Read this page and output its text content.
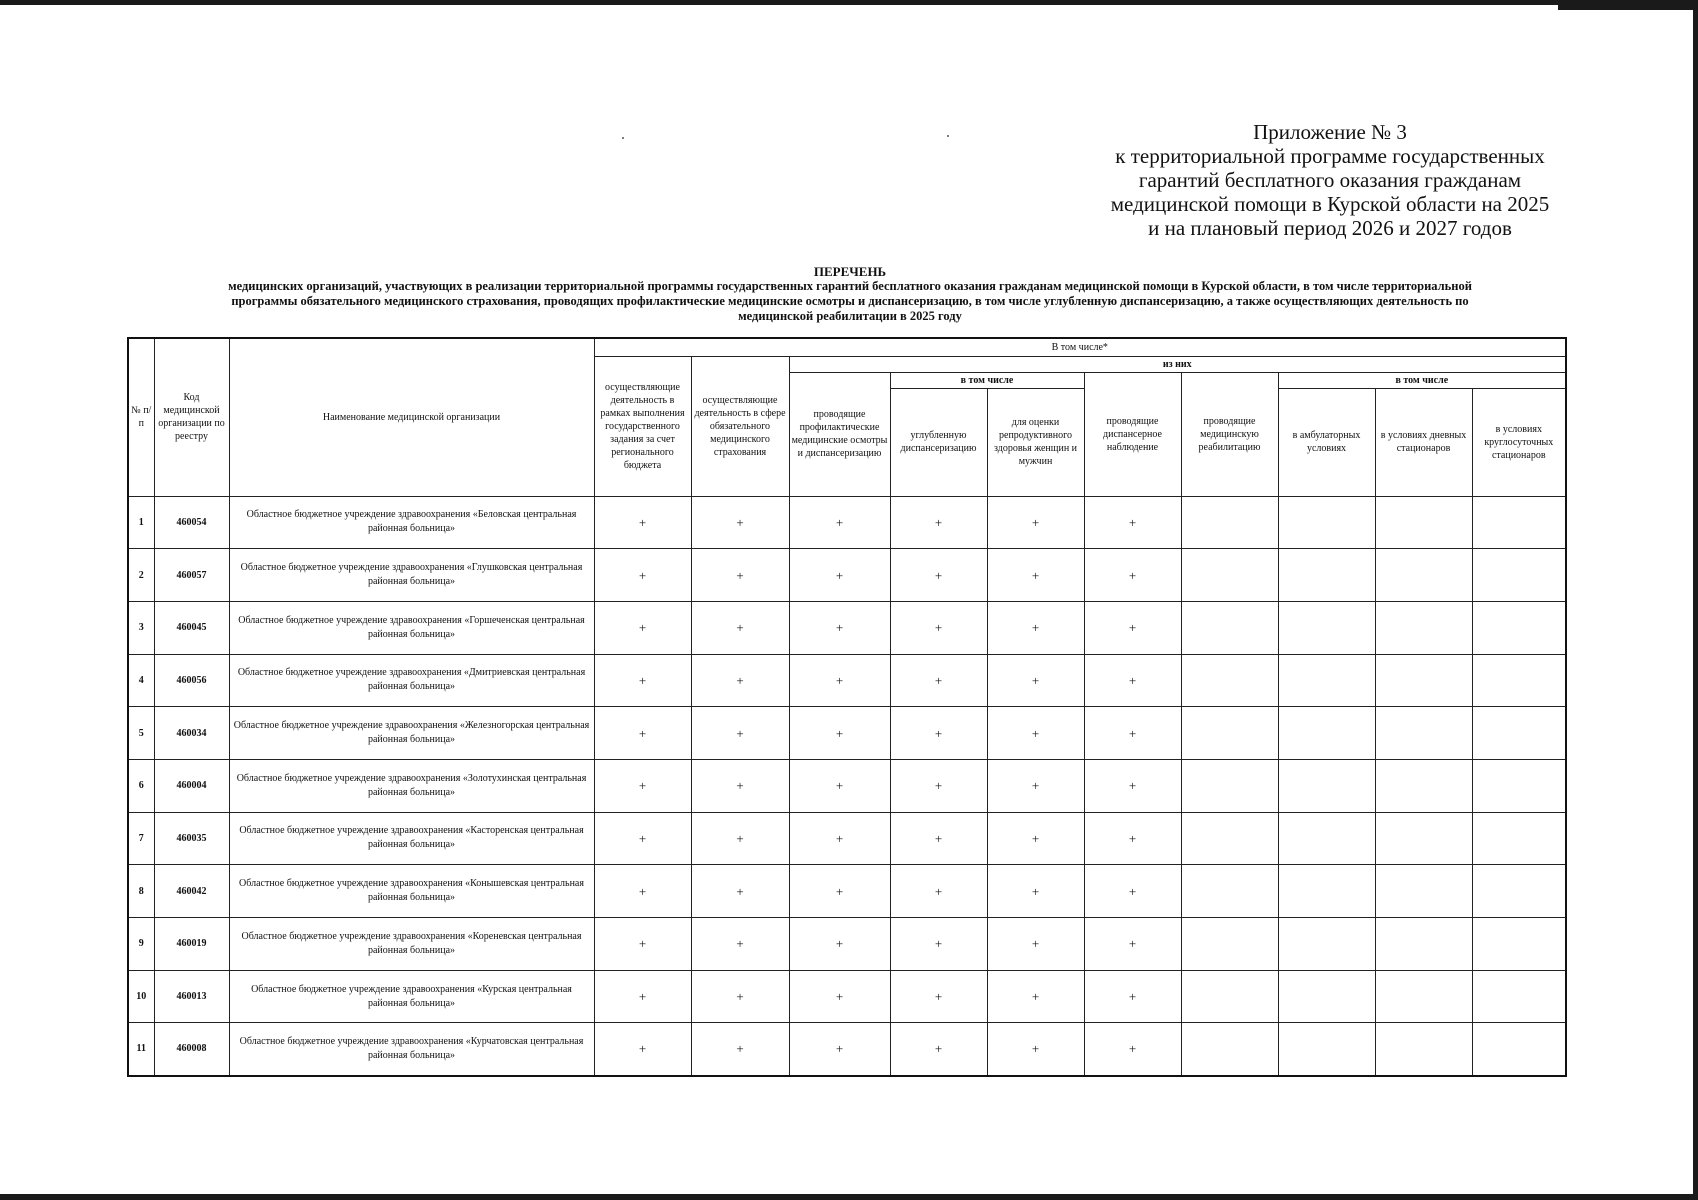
Приложение № 3
к территориальной программе государственных
гарантий бесплатного оказания гражданам
медицинской помощи в Курской области на 2025
и на плановый период 2026 и 2027 годов
ПЕРЕЧЕНЬ
медицинских организаций, участвующих в реализации территориальной программы государственных гарантий бесплатного оказания гражданам медицинской помощи в Курской области, в том числе территориальной
программы обязательного медицинского страхования, проводящих профилактические медицинские осмотры и диспансеризацию, в том числе углубленную диспансеризацию, а также осуществляющих деятельность по
медицинской реабилитации в 2025 году
№ п/п	Код медицинской организации по реестру	Наименование медицинской организации	В том числе*									
			осуществляющие деятельность в рамках выполнения государственного задания за счет регионального бюджета	осуществляющие деятельность в сфере обязательного медицинского страхования	из них							
					проводящие профилактические медицинские осмотры и диспансеризацию	в том числе		проводящие диспансерное наблюдение	проводящие медицинскую реабилитацию	в том числе		
						углубленную диспансеризацию	для оценки репродуктивного здоровья женщин и мужчин			в амбулаторных условиях	в условиях дневных стационаров	в условиях круглосуточных стационаров
1	460054	Областное бюджетное учреждение здравоохранения «Беловская центральная районная больница»	+	+	+	+	+	+				
2	460057	Областное бюджетное учреждение здравоохранения «Глушковская центральная районная больница»	+	+	+	+	+	+				
3	460045	Областное бюджетное учреждение здравоохранения «Горшеченская центральная районная больница»	+	+	+	+	+	+				
4	460056	Областное бюджетное учреждение здравоохранения «Дмитриевская центральная районная больница»	+	+	+	+	+	+				
5	460034	Областное бюджетное учреждение здравоохранения «Железногорская центральная районная больница»	+	+	+	+	+	+				
6	460004	Областное бюджетное учреждение здравоохранения «Золотухинская центральная районная больница»	+	+	+	+	+	+				
7	460035	Областное бюджетное учреждение здравоохранения «Касторенская центральная районная больница»	+	+	+	+	+	+				
8	460042	Областное бюджетное учреждение здравоохранения «Конышевская центральная районная больница»	+	+	+	+	+	+				
9	460019	Областное бюджетное учреждение здравоохранения «Кореневская центральная районная больница»	+	+	+	+	+	+				
10	460013	Областное бюджетное учреждение здравоохранения «Курская центральная районная больница»	+	+	+	+	+	+				
11	460008	Областное бюджетное учреждение здравоохранения «Курчатовская центральная районная больница»	+	+	+	+	+	+				
